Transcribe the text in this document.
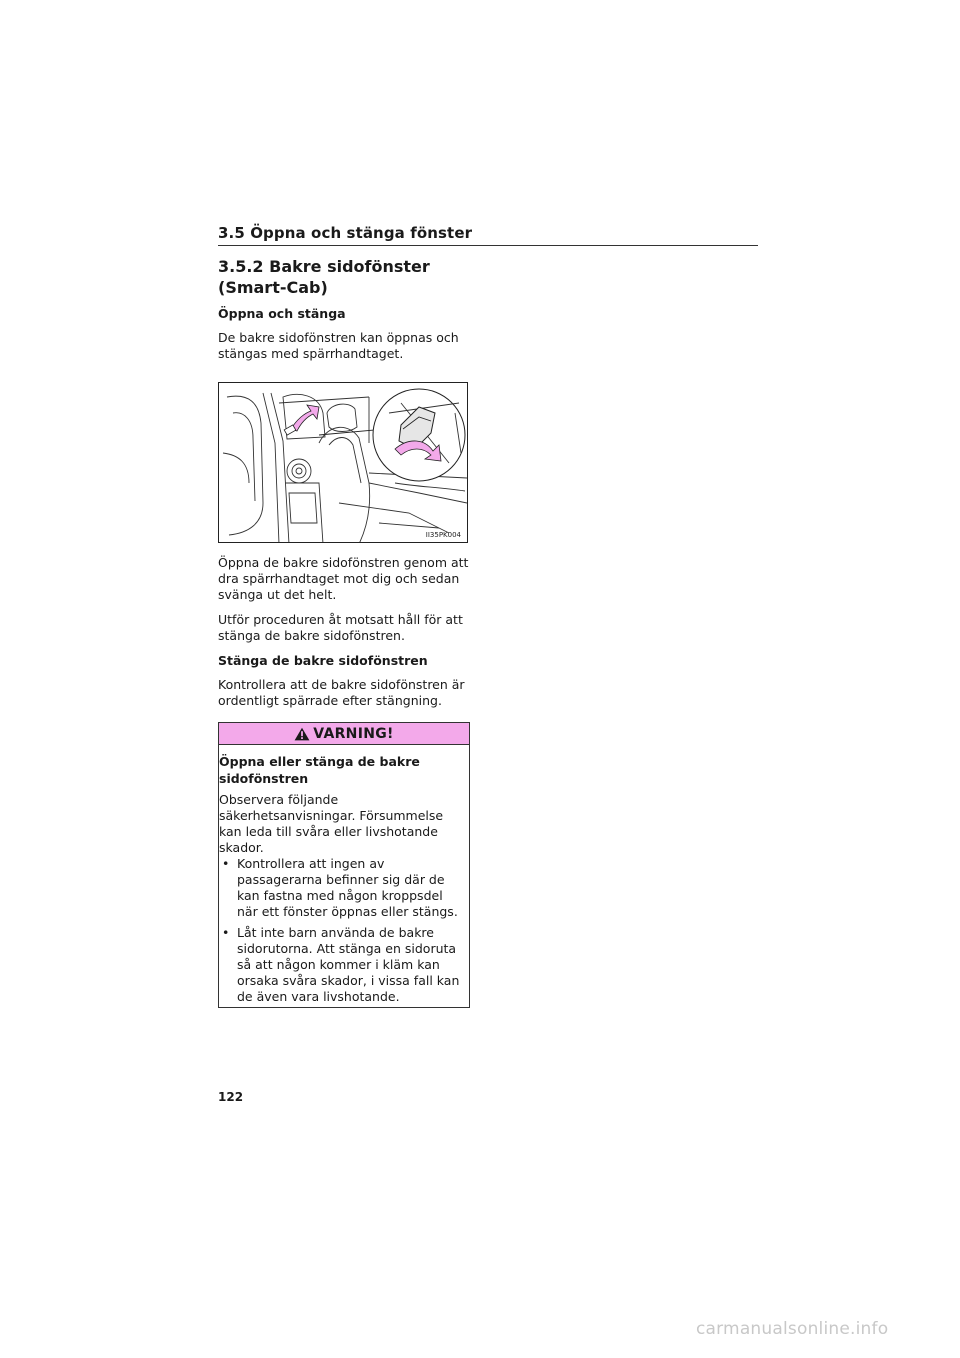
3.5 Öppna och stänga fönster
3.5.2 Bakre sidofönster
(Smart-Cab)
Öppna och stänga
De bakre sidofönstren kan öppnas och stängas med spärrhandtaget.
II35PK004
Öppna de bakre sidofönstren genom att dra spärrhandtaget mot dig och sedan svänga ut det helt.
Utför proceduren åt motsatt håll för att stänga de bakre sidofönstren.
Stänga de bakre sidofönstren
Kontrollera att de bakre sidofönstren är ordentligt spärrade efter stängning.
VARNING!
Öppna eller stänga de bakre sidofönstren
Observera följande säkerhetsanvisningar. Försummelse kan leda till svåra eller livshotande skador.
• Kontrollera att ingen av passagerarna befinner sig där de kan fastna med någon kroppsdel när ett fönster öppnas eller stängs.
• Låt inte barn använda de bakre sidorutorna. Att stänga en sidoruta så att någon kommer i kläm kan orsaka svåra skador, i vissa fall kan de även vara livshotande.
122
carmanualsonline.info
